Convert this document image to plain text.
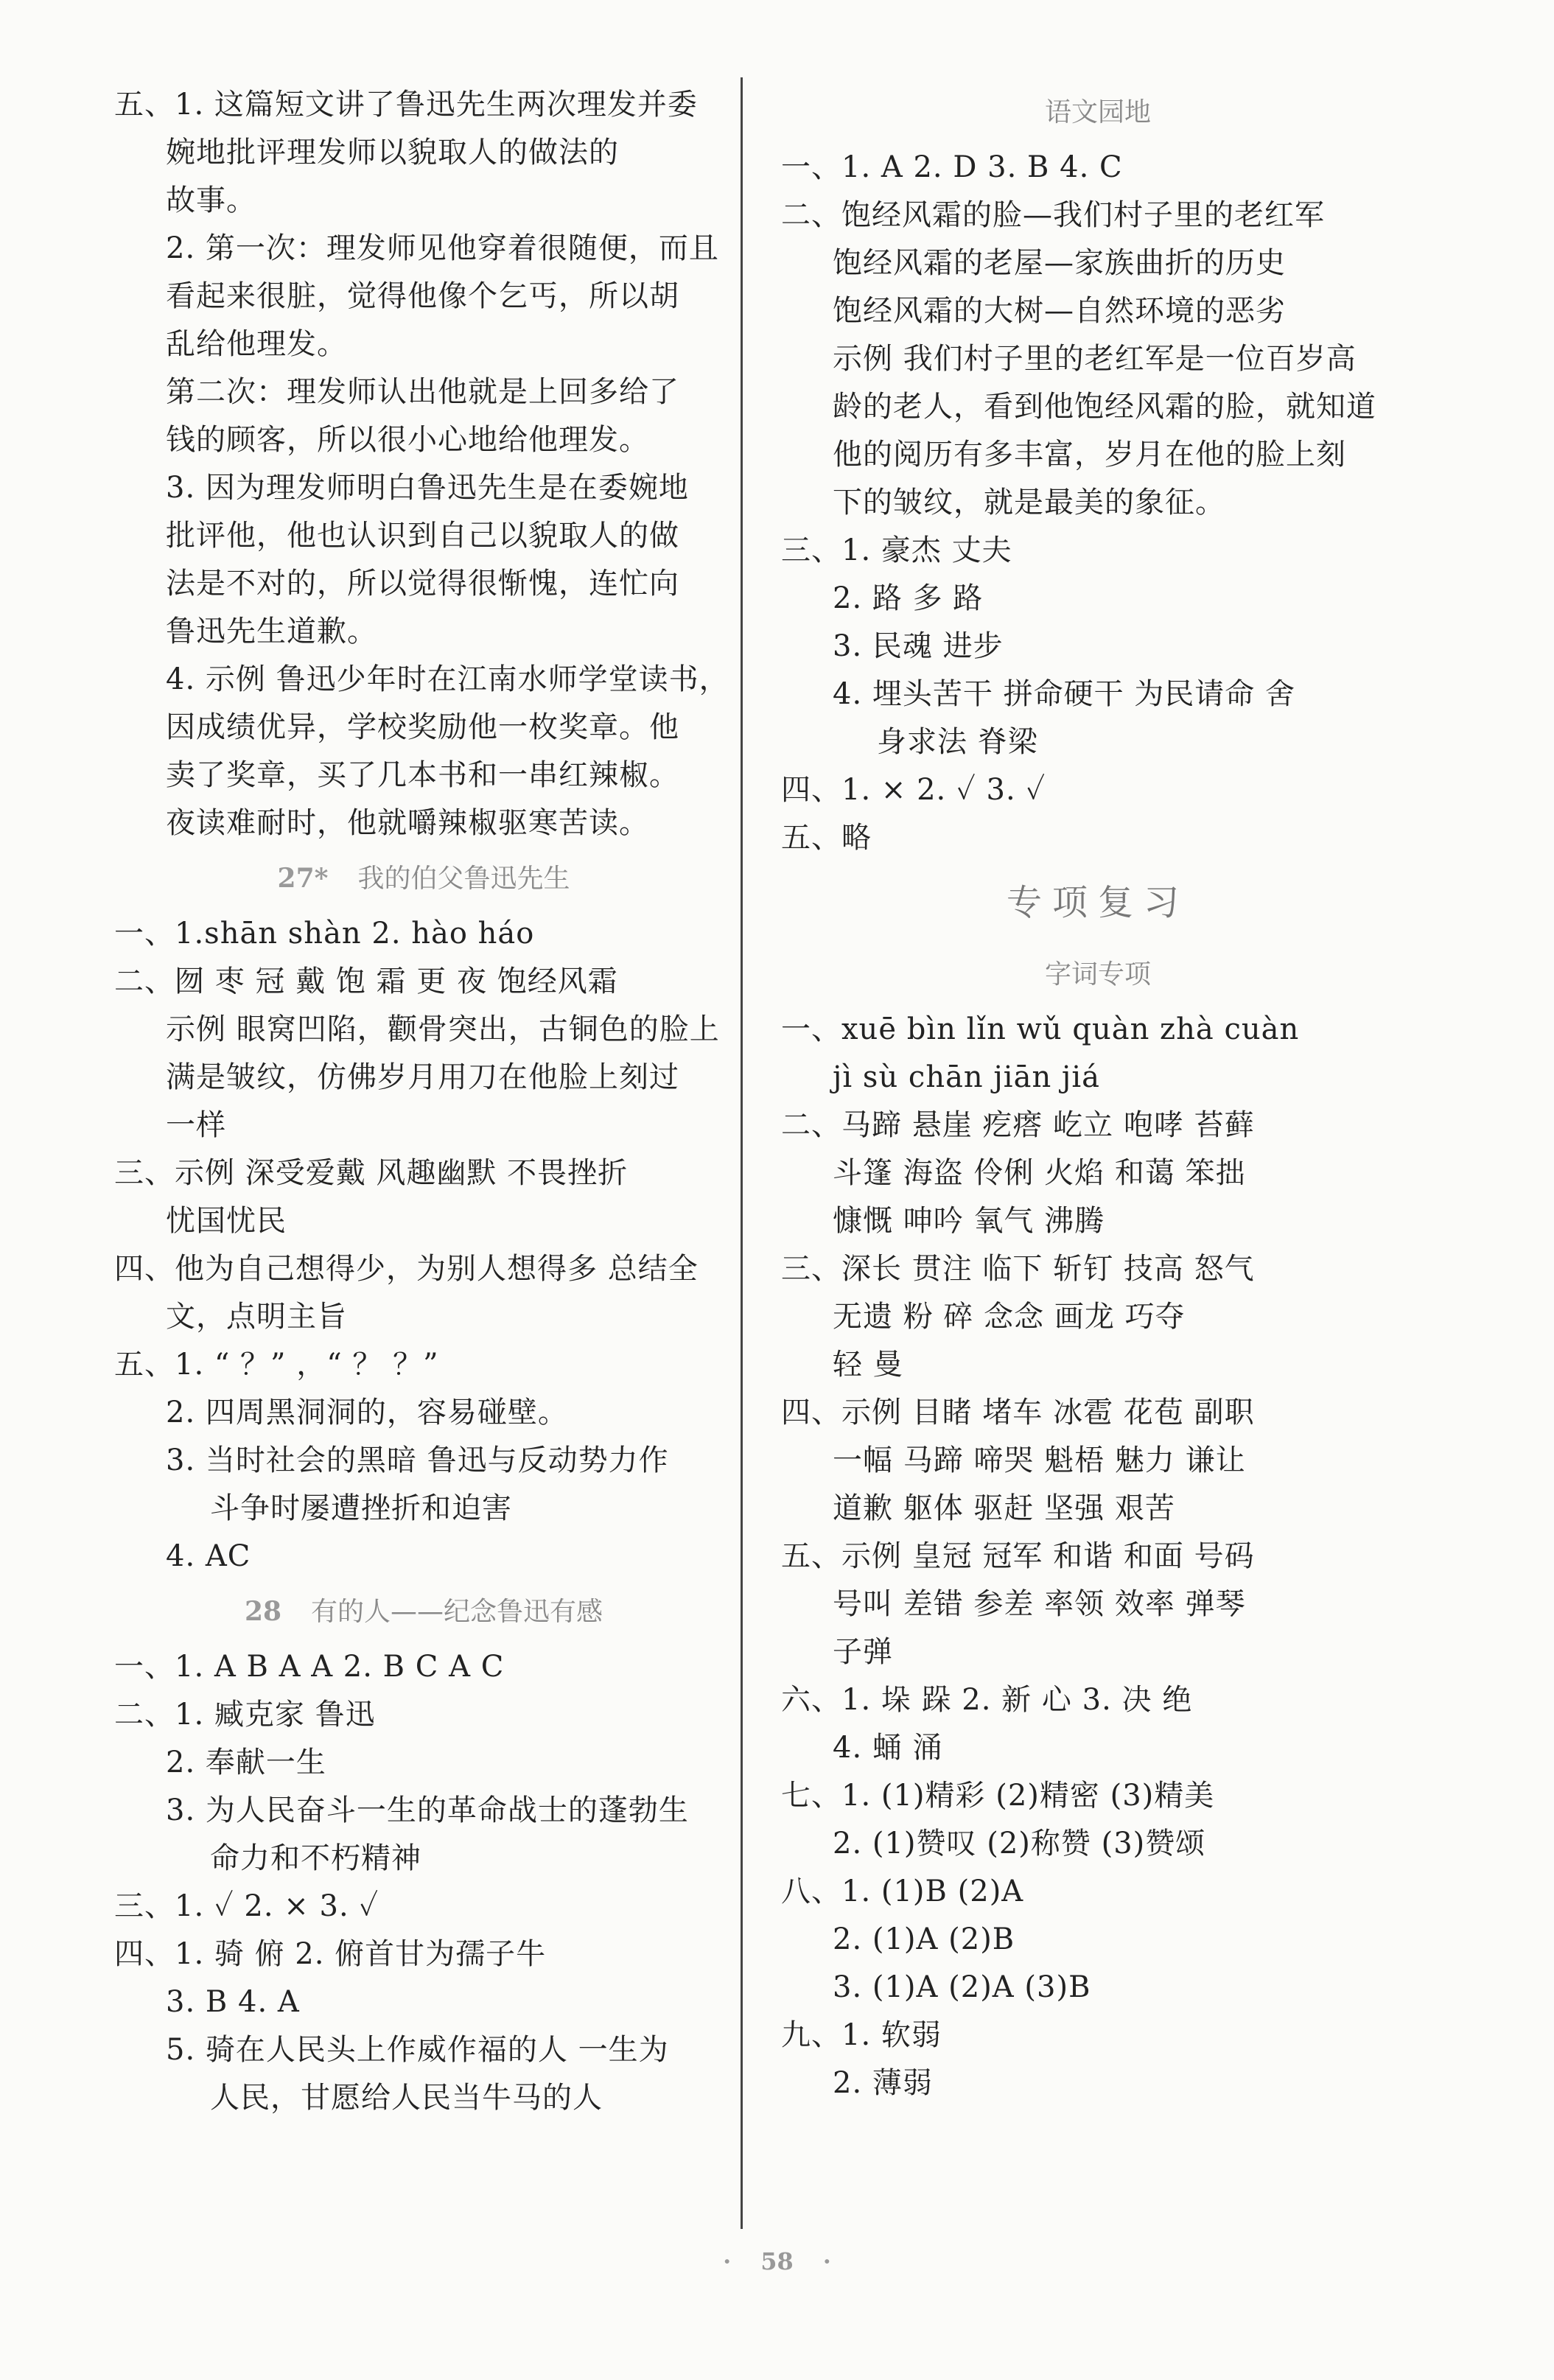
五、1. 这篇短文讲了鲁迅先生两次理发并委
婉地批评理发师以貌取人的做法的
故事。
2. 第一次：理发师见他穿着很随便，而且
看起来很脏，觉得他像个乞丐，所以胡
乱给他理发。
第二次：理发师认出他就是上回多给了
钱的顾客，所以很小心地给他理发。
3. 因为理发师明白鲁迅先生是在委婉地
批评他，他也认识到自己以貌取人的做
法是不对的，所以觉得很惭愧，连忙向
鲁迅先生道歉。
4. 示例 鲁迅少年时在江南水师学堂读书，
因成绩优异，学校奖励他一枚奖章。他
卖了奖章，买了几本书和一串红辣椒。
夜读难耐时，他就嚼辣椒驱寒苦读。
27* 我的伯父鲁迅先生
一、1.shān shàn 2. hào háo
二、囫 枣 冠 戴 饱 霜 更 夜 饱经风霜
示例 眼窝凹陷，颧骨突出，古铜色的脸上
满是皱纹，仿佛岁月用刀在他脸上刻过
一样
三、示例 深受爱戴 风趣幽默 不畏挫折
忧国忧民
四、他为自己想得少，为别人想得多 总结全
文，点明主旨
五、1. “ ？” ，“ ？ ？”
2. 四周黑洞洞的，容易碰壁。
3. 当时社会的黑暗 鲁迅与反动势力作
斗争时屡遭挫折和迫害
4. AC
28 有的人——纪念鲁迅有感
一、1. A B A A 2. B C A C
二、1. 臧克家 鲁迅
2. 奉献一生
3. 为人民奋斗一生的革命战士的蓬勃生
命力和不朽精神
三、1. ✓ 2. × 3. ✓
四、1. 骑 俯 2. 俯首甘为孺子牛
3. B 4. A
5. 骑在人民头上作威作福的人 一生为
人民，甘愿给人民当牛马的人
语文园地
一、1. A 2. D 3. B 4. C
二、饱经风霜的脸—我们村子里的老红军
饱经风霜的老屋—家族曲折的历史
饱经风霜的大树—自然环境的恶劣
示例 我们村子里的老红军是一位百岁高
龄的老人，看到他饱经风霜的脸，就知道
他的阅历有多丰富，岁月在他的脸上刻
下的皱纹，就是最美的象征。
三、1. 豪杰 丈夫
2. 路 多 路
3. 民魂 进步
4. 埋头苦干 拼命硬干 为民请命 舍
身求法 脊梁
四、1. × 2. ✓ 3. ✓
五、略
专项复习
字词专项
一、xuē bìn lǐn wǔ quàn zhà cuàn
jì sù chān jiān jiá
二、马蹄 悬崖 疙瘩 屹立 咆哮 苔藓
斗篷 海盗 伶俐 火焰 和蔼 笨拙
慷慨 呻吟 氧气 沸腾
三、深长 贯注 临下 斩钉 技高 怒气
无遗 粉 碎 念念 画龙 巧夺
轻 曼
四、示例 目睹 堵车 冰雹 花苞 副职
一幅 马蹄 啼哭 魁梧 魅力 谦让
道歉 躯体 驱赶 坚强 艰苦
五、示例 皇冠 冠军 和谐 和面 号码
号叫 差错 参差 率领 效率 弹琴
子弹
六、1. 垛 跺 2. 新 心 3. 决 绝
4. 蛹 涌
七、1. (1)精彩 (2)精密 (3)精美
2. (1)赞叹 (2)称赞 (3)赞颂
八、1. (1)B (2)A
2. (1)A (2)B
3. (1)A (2)A (3)B
九、1. 软弱
2. 薄弱
· 58 ·
